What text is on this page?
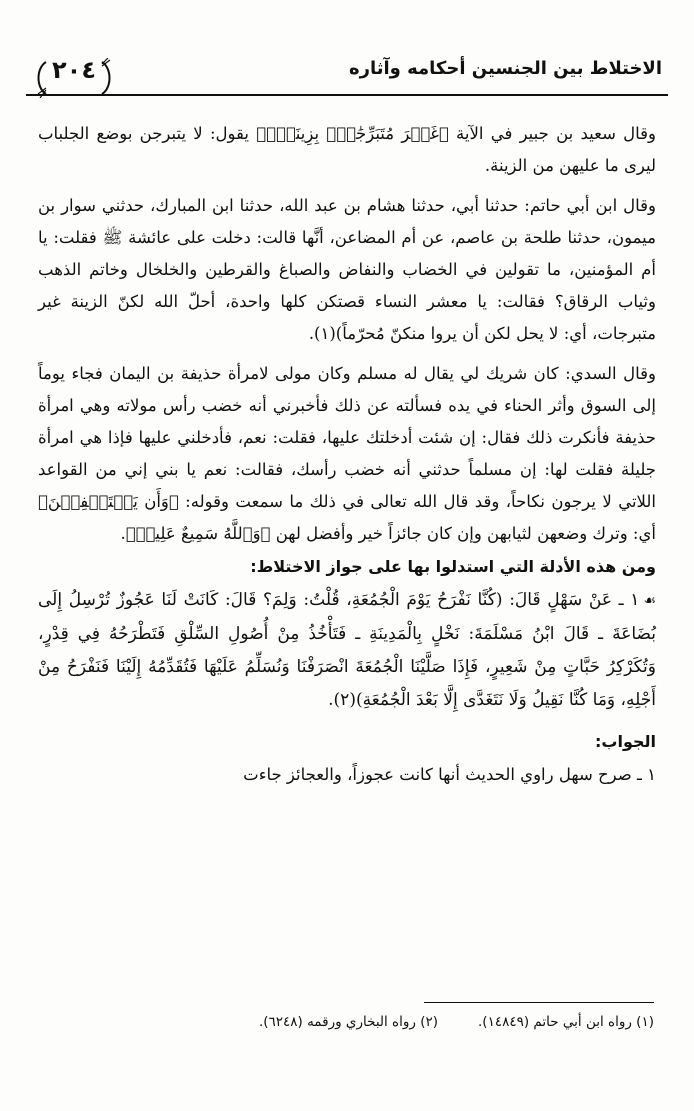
الاختلاط بين الجنسين أحكامه وآثاره
٢٠٤

وقال سعيد بن جبير في الآية ﴿غَيۡرَ مُتَبَرِّجَٰتِۭ بِزِينَةٖۖ﴾ يقول: لا يتبرجن بوضع الجلباب ليرى ما عليهن من الزينة.

وقال ابن أبي حاتم: حدثنا أبي، حدثنا هشام بن عبد الله، حدثنا ابن المبارك، حدثني سوار بن ميمون، حدثنا طلحة بن عاصم، عن أم المضاعن، أنَّها قالت: دخلت على عائشة ﷺ فقلت: يا أم المؤمنين، ما تقولين في الخضاب والنفاض والصباغ والقرطين والخلخال وخاتم الذهب وثياب الرقاق؟ فقالت: يا معشر النساء قصتكن كلها واحدة، أحلّ الله لكنّ الزينة غير متبرجات، أي: لا يحل لكن أن يروا منكنّ مُحرّماً)(١).

وقال السدي: كان شريك لي يقال له مسلم وكان مولى لامرأة حذيفة بن اليمان فجاء يوماً إلى السوق وأثر الحناء في يده فسألته عن ذلك فأخبرني أنه خضب رأس مولاته وهي امرأة حذيفة فأنكرت ذلك فقال: إن شئت أدخلتك عليها، فقلت: نعم، فأدخلني عليها فإذا هي امرأة جليلة فقلت لها: إن مسلماً حدثني أنه خضب رأسك، فقالت: نعم يا بني إني من القواعد اللاتي لا يرجون نكاحاً، وقد قال الله تعالى في ذلك ما سمعت وقوله: ﴿وَأَن يَسۡتَعۡفِفۡنَ﴾ أي: وترك وضعهن لثيابهن وإن كان جائزاً خير وأفضل لهن ﴿وَٱللَّهُ سَمِيعٌ عَلِيمٞ﴾.

ومن هذه الأدلة التي استدلوا بها على جواز الاختلاط:

☙١ ـ عَنْ سَهْلٍ قَالَ: (كُنَّا نَفْرَحُ يَوْمَ الْجُمُعَةِ، قُلْتُ: وَلِمَ؟ قَالَ: كَانَتْ لَنَا عَجُوزٌ تُرْسِلُ إِلَى بُضَاعَةَ ـ قَالَ ابْنُ مَسْلَمَةَ: نَخْلٍ بِالْمَدِينَةِ ـ فَتَأْخُذُ مِنْ أُصُولِ السِّلْقِ فَتَطْرَحُهُ فِي قِدْرٍ، وَتُكَرْكِرُ حَبَّاتٍ مِنْ شَعِيرٍ، فَإِذَا صَلَّيْنَا الْجُمُعَةَ انْصَرَفْنَا وَنُسَلِّمُ عَلَيْهَا فَتُقَدِّمُهُ إِلَيْنَا فَنَفْرَحُ مِنْ أَجْلِهِ، وَمَا كُنَّا نَقِيلُ وَلَا نَتَغَدَّى إِلَّا بَعْدَ الْجُمُعَةِ)(٢).

الجواب:

١ ـ صرح سهل راوي الحديث أنها كانت عجوزاً، والعجائز جاءت

(١) رواه ابن أبي حاتم (١٤٨٤٩).
(٢) رواه البخاري ورقمه (٦٢٤٨).
